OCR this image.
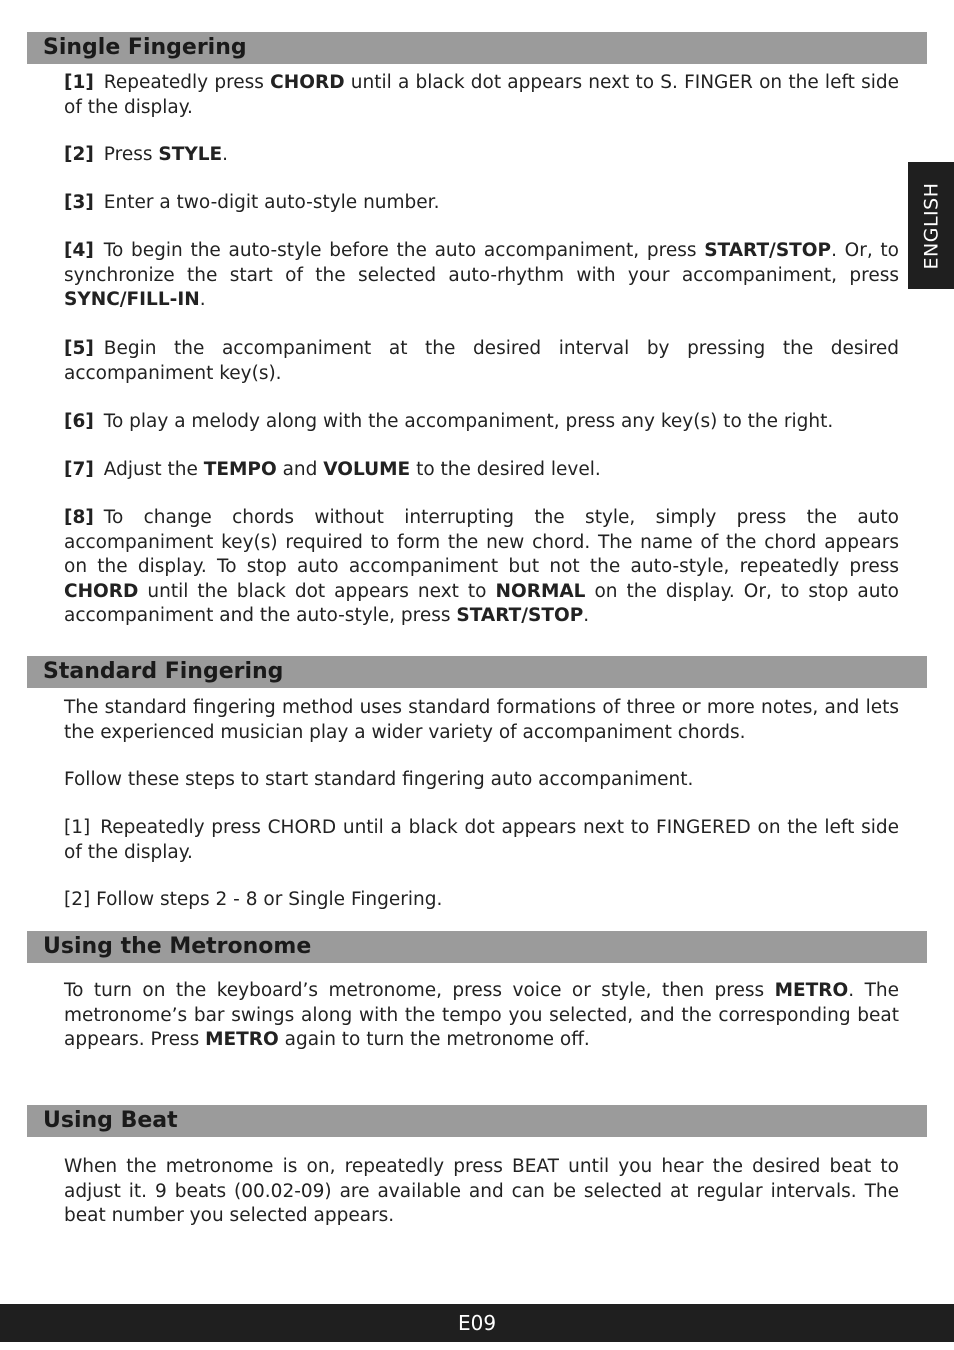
Single Fingering
[1] Repeatedly press CHORD until a black dot appears next to S. FINGER on the left side of the display.
[2] Press STYLE.
[3] Enter a two-digit auto-style number.
[4] To begin the auto-style before the auto accompaniment, press START/STOP. Or, to synchronize the start of the selected auto-rhythm with your accompaniment, press SYNC/FILL-IN.
[5] Begin the accompaniment at the desired interval by pressing the desired accompaniment key(s).
[6] To play a melody along with the accompaniment, press any key(s) to the right.
[7] Adjust the TEMPO and VOLUME to the desired level.
[8] To change chords without interrupting the style, simply press the auto accompaniment key(s) required to form the new chord. The name of the chord appears on the display. To stop auto accompaniment but not the auto-style, repeatedly press CHORD until the black dot appears next to NORMAL on the display. Or, to stop auto accompaniment and the auto-style, press START/STOP.
Standard Fingering
The standard fingering method uses standard formations of three or more notes, and lets the experienced musician play a wider variety of accompaniment chords.
Follow these steps to start standard fingering auto accompaniment.
[1] Repeatedly press CHORD until a black dot appears next to FINGERED on the left side of the display.
[2] Follow steps 2 - 8 or Single Fingering.
Using the Metronome
To turn on the keyboard’s metronome, press voice or style, then press METRO. The metronome’s bar swings along with the tempo you selected, and the corresponding beat appears. Press METRO again to turn the metronome off.
Using Beat
When the metronome is on, repeatedly press BEAT until you hear the desired beat to adjust it. 9 beats (00.02-09) are available and can be selected at regular intervals. The beat number you selected appears.
ENGLISH
E09
